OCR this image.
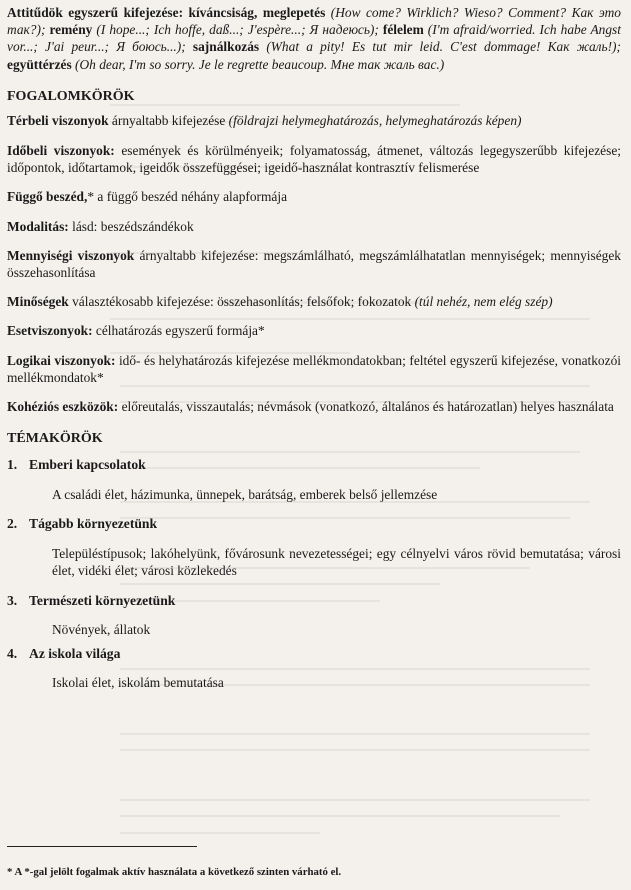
Attitűdök egyszerű kifejezése: kíváncsiság, meglepetés (How come? Wirklich? Wieso? Comment? Как это так?); remény (I hope...; Ich hoffe, daß...; J'espère...; Я надеюсь); félelem (I'm afraid/worried. Ich habe Angst vor...; J'ai peur...; Я боюсь...); sajnálkozás (What a pity! Es tut mir leid. C'est dommage! Как жаль!); együttérzés (Oh dear, I'm so sorry. Je le regrette beaucoup. Мне так жаль вас.)

FOGALOMKÖRÖK

Térbeli viszonyok árnyaltabb kifejezése (földrajzi helymeghatározás, helymeghatározás képen)

Időbeli viszonyok: események és körülményeik; folyamatosság, átmenet, változás legegyszerűbb kifejezése; időpontok, időtartamok, igeidők összefüggései; igeidő-használat kontrasztív felismerése

Függő beszéd,* a függő beszéd néhány alapformája

Modalitás: lásd: beszédszándékok

Mennyiségi viszonyok árnyaltabb kifejezése: megszámlálható, megszámlálhatatlan mennyiségek; mennyiségek összehasonlítása

Minőségek választékosabb kifejezése: összehasonlítás; felsőfok; fokozatok (túl nehéz, nem elég szép)

Esetviszonyok: célhatározás egyszerű formája*

Logikai viszonyok: idő- és helyhatározás kifejezése mellékmondatokban; feltétel egyszerű kifejezése, vonatkozói mellékmondatok*

Kohéziós eszközök: előreutalás, visszautalás; névmások (vonatkozó, általános és határozatlan) helyes használata

TÉMAKÖRÖK

1. Emberi kapcsolatok

A családi élet, házimunka, ünnepek, barátság, emberek belső jellemzése

2. Tágabb környezetünk

Településtípusok; lakóhelyünk, fővárosunk nevezetességei; egy célnyelvi város rövid bemutatása; városi élet, vidéki élet; városi közlekedés

3. Természeti környezetünk

Növények, állatok

4. Az iskola világa

Iskolai élet, iskolám bemutatása

* A *-gal jelölt fogalmak aktív használata a következő szinten várható el.
